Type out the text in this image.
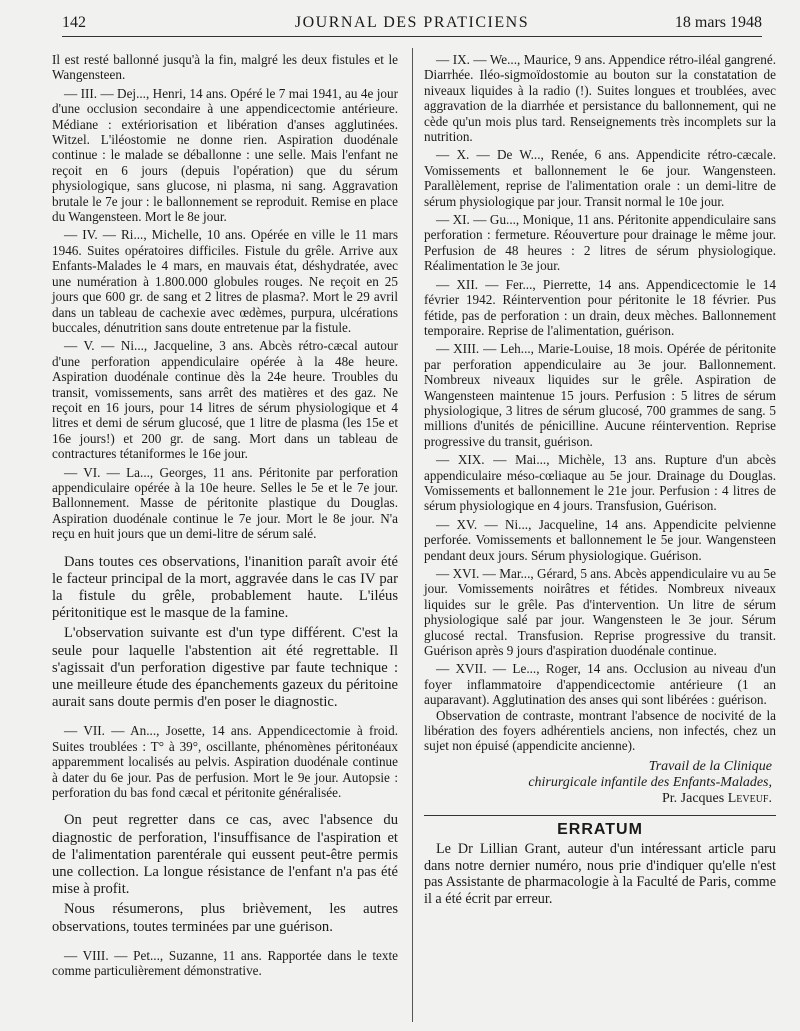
142	JOURNAL DES PRATICIENS	18 mars 1948

Il est resté ballonné jusqu'à la fin, malgré les deux fistules et le Wangensteen.

— III. — Dej..., Henri, 14 ans. Opéré le 7 mai 1941, au 4e jour d'une occlusion secondaire à une appendicectomie antérieure. Médiane : extériorisation et libération d'anses agglutinées. Witzel. L'iléostomie ne donne rien. Aspiration duodénale continue : le malade se déballonne : une selle. Mais l'enfant ne reçoit en 6 jours (depuis l'opération) que du sérum physiologique, sans glucose, ni plasma, ni sang. Aggravation brutale le 7e jour : le ballonnement se reproduit. Remise en place du Wangensteen. Mort le 8e jour.

— IV. — Ri..., Michelle, 10 ans. Opérée en ville le 11 mars 1946. Suites opératoires difficiles. Fistule du grêle. Arrive aux Enfants-Malades le 4 mars, en mauvais état, déshydratée, avec une numération à 1.800.000 globules rouges. Ne reçoit en 25 jours que 600 gr. de sang et 2 litres de plasma?. Mort le 29 avril dans un tableau de cachexie avec œdèmes, purpura, ulcérations buccales, dénutrition sans doute entretenue par la fistule.

— V. — Ni..., Jacqueline, 3 ans. Abcès rétro-cæcal autour d'une perforation appendiculaire opérée à la 48e heure. Aspiration duodénale continue dès la 24e heure. Troubles du transit, vomissements, sans arrêt des matières et des gaz. Ne reçoit en 16 jours, pour 14 litres de sérum physiologique et 4 litres et demi de sérum glucosé, que 1 litre de plasma (les 15e et 16e jours!) et 200 gr. de sang. Mort dans un tableau de contractures tétaniformes le 16e jour.

— VI. — La..., Georges, 11 ans. Péritonite par perforation appendiculaire opérée à la 10e heure. Selles le 5e et le 7e jour. Ballonnement. Masse de péritonite plastique du Douglas. Aspiration duodénale continue le 7e jour. Mort le 8e jour. N'a reçu en huit jours que un demi-litre de sérum salé.

Dans toutes ces observations, l'inanition paraît avoir été le facteur principal de la mort, aggravée dans le cas IV par la fistule du grêle, probablement haute. L'iléus péritonitique est le masque de la famine.

L'observation suivante est d'un type différent. C'est la seule pour laquelle l'abstention ait été regrettable. Il s'agissait d'un perforation digestive par faute technique : une meilleure étude des épanchements gazeux du péritoine aurait sans doute permis d'en poser le diagnostic.

— VII. — An..., Josette, 14 ans. Appendicectomie à froid. Suites troublées : T° à 39°, oscillante, phénomènes péritonéaux apparemment localisés au pelvis. Aspiration duodénale continue à dater du 6e jour. Pas de perfusion. Mort le 9e jour. Autopsie : perforation du bas fond cæcal et péritonite généralisée.

On peut regretter dans ce cas, avec l'absence du diagnostic de perforation, l'insuffisance de l'aspiration et de l'alimentation parentérale qui eussent peut-être permis une collection. La longue résistance de l'enfant n'a pas été mise à profit.

Nous résumerons, plus brièvement, les autres observations, toutes terminées par une guérison.

— VIII. — Pet..., Suzanne, 11 ans. Rapportée dans le texte comme particulièrement démonstrative.

— IX. — We..., Maurice, 9 ans. Appendice rétro-iléal gangrené. Diarrhée. Iléo-sigmoïdostomie au bouton sur la constatation de niveaux liquides à la radio (!). Suites longues et troublées, avec aggravation de la diarrhée et persistance du ballonnement, qui ne cède qu'un mois plus tard. Renseignements très incomplets sur la nutrition.

— X. — De W..., Renée, 6 ans. Appendicite rétro-cæcale. Vomissements et ballonnement le 6e jour. Wangensteen. Parallèlement, reprise de l'alimentation orale : un demi-litre de sérum physiologique par jour. Transit normal le 10e jour.

— XI. — Gu..., Monique, 11 ans. Péritonite appendiculaire sans perforation : fermeture. Réouverture pour drainage le même jour. Perfusion de 48 heures : 2 litres de sérum physiologique. Réalimentation le 3e jour.

— XII. — Fer..., Pierrette, 14 ans. Appendicectomie le 14 février 1942. Réintervention pour péritonite le 18 février. Pus fétide, pas de perforation : un drain, deux mèches. Ballonnement temporaire. Reprise de l'alimentation, guérison.

— XIII. — Leh..., Marie-Louise, 18 mois. Opérée de péritonite par perforation appendiculaire au 3e jour. Ballonnement. Nombreux niveaux liquides sur le grêle. Aspiration de Wangensteen maintenue 15 jours. Perfusion : 5 litres de sérum physiologique, 3 litres de sérum glucosé, 700 grammes de sang. 5 millions d'unités de pénicilline. Aucune réintervention. Reprise progressive du transit, guérison.

— XIX. — Mai..., Michèle, 13 ans. Rupture d'un abcès appendiculaire méso-cœliaque au 5e jour. Drainage du Douglas. Vomissements et ballonnement le 21e jour. Perfusion : 4 litres de sérum physiologique en 4 jours. Transfusion, Guérison.

— XV. — Ni..., Jacqueline, 14 ans. Appendicite pelvienne perforée. Vomissements et ballonnement le 5e jour. Wangensteen pendant deux jours. Sérum physiologique. Guérison.

— XVI. — Mar..., Gérard, 5 ans. Abcès appendiculaire vu au 5e jour. Vomissements noirâtres et fétides. Nombreux niveaux liquides sur le grêle. Pas d'intervention. Un litre de sérum physiologique salé par jour. Wangensteen le 3e jour. Sérum glucosé rectal. Transfusion. Reprise progressive du transit. Guérison après 9 jours d'aspiration duodénale continue.

— XVII. — Le..., Roger, 14 ans. Occlusion au niveau d'un foyer inflammatoire d'appendicectomie antérieure (1 an auparavant). Agglutination des anses qui sont libérées : guérison.

Observation de contraste, montrant l'absence de nocivité de la libération des foyers adhérentiels anciens, non infectés, chez un sujet non épuisé (appendicite ancienne).

Travail de la Clinique
chirurgicale infantile des Enfants-Malades,
Pr. Jacques Leveuf.
ERRATUM

Le Dr Lillian Grant, auteur d'un intéressant article paru dans notre dernier numéro, nous prie d'indiquer qu'elle n'est pas Assistante de pharmacologie à la Faculté de Paris, comme il a été écrit par erreur.
